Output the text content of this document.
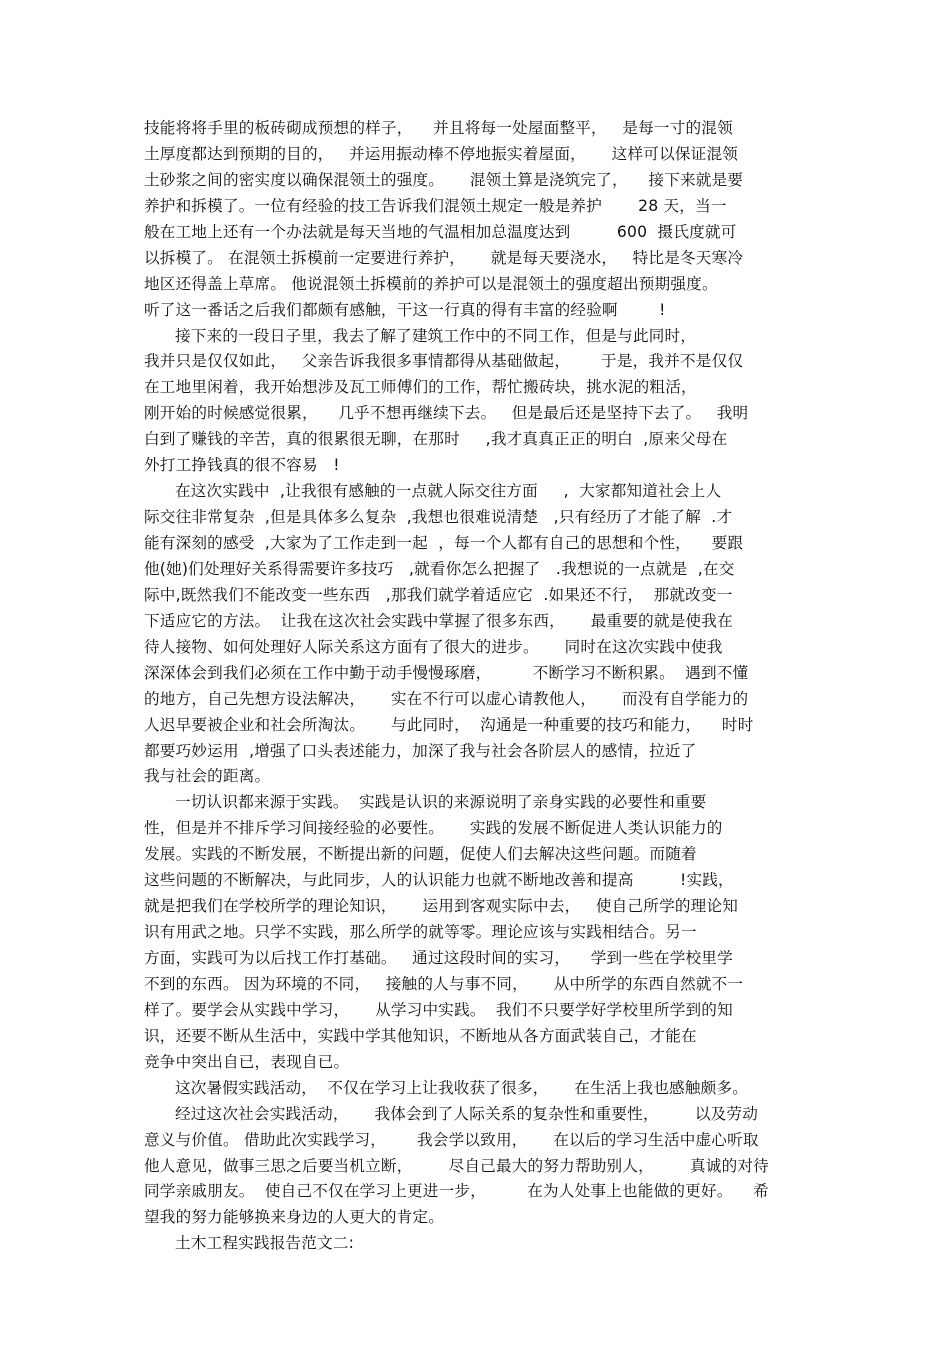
技能将将手里的板砖砌成预想的样子，    并且将每一处屋面整平，   是每一寸的混领
土厚度都达到预期的目的，   并运用振动棒不停地振实着屋面，     这样可以保证混领
土砂浆之间的密实度以确保混领土的强度。     混领土算是浇筑完了，    接下来就是要
养护和拆模了。一位有经验的技工告诉我们混领土规定一般是养护       28 天，当一
般在工地上还有一个办法就是每天当地的气温相加总温度达到         600  摄氏度就可
以拆模了。 在混领土拆模前一定要进行养护，     就是每天要浇水，   特比是冬天寒冷
地区还得盖上草席。 他说混领土拆模前的养护可以是混领土的强度超出预期强度。
听了这一番话之后我们都颇有感触，干这一行真的得有丰富的经验啊        !
接下来的一段日子里，我去了解了建筑工作中的不同工作，但是与此同时，
我并只是仅仅如此，   父亲告诉我很多事情都得从基础做起，      于是，我并不是仅仅
在工地里闲着，我开始想涉及瓦工师傅们的工作，帮忙搬砖块，挑水泥的粗活，
刚开始的时候感觉很累，    几乎不想再继续下去。   但是最后还是坚持下去了。   我明
白到了赚钱的辛苦，真的很累很无聊，在那时     ,我才真真正正的明白  ,原来父母在
外打工挣钱真的很不容易   !
在这次实践中  ,让我很有感触的一点就人际交往方面     ,  大家都知道社会上人
际交往非常复杂  ,但是具体多么复杂  ,我想也很难说清楚   ,只有经历了才能了解  .才
能有深刻的感受  ,大家为了工作走到一起  ，每一个人都有自己的思想和个性，    要跟
他(她)们处理好关系得需要许多技巧   ,就看你怎么把握了   .我想说的一点就是  ,在交
际中,既然我们不能改变一些东西   ,那我们就学着适应它  .如果还不行，  那就改变一
下适应它的方法。  让我在这次社会实践中掌握了很多东西，     最重要的就是使我在
待人接物、如何处理好人际关系这方面有了很大的进步。     同时在这次实践中使我
深深体会到我们必须在工作中勤于动手慢慢琢磨，        不断学习不断积累。  遇到不懂
的地方，自己先想方设法解决，     实在不行可以虚心请教他人，     而没有自学能力的
人迟早要被企业和社会所淘汰。     与此同时，  沟通是一种重要的技巧和能力，    时时
都要巧妙运用  ,增强了口头表述能力，加深了我与社会各阶层人的感情，拉近了
我与社会的距离。
一切认识都来源于实践。  实践是认识的来源说明了亲身实践的必要性和重要
性，但是并不排斥学习间接经验的必要性。     实践的发展不断促进人类认识能力的
发展。实践的不断发展，不断提出新的问题，促使人们去解决这些问题。而随着
这些问题的不断解决，与此同步，人的认识能力也就不断地改善和提高         !实践，
就是把我们在学校所学的理论知识，     运用到客观实际中去，   使自己所学的理论知
识有用武之地。只学不实践，那么所学的就等零。理论应该与实践相结合。另一
方面，实践可为以后找工作打基础。   通过这段时间的实习，    学到一些在学校里学
不到的东西。 因为环境的不同，   接触的人与事不同，     从中所学的东西自然就不一
样了。要学会从实践中学习，     从学习中实践。  我们不只要学好学校里所学到的知
识，还要不断从生活中，实践中学其他知识，不断地从各方面武装自己，才能在
竞争中突出自已，表现自已。
这次暑假实践活动，  不仅在学习上让我收获了很多，     在生活上我也感触颇多。
经过这次社会实践活动，     我体会到了人际关系的复杂性和重要性，       以及劳动
意义与价值。 借助此次实践学习，      我会学以致用，     在以后的学习生活中虚心听取
他人意见，做事三思之后要当机立断，       尽自己最大的努力帮助别人，       真诚的对待
同学亲戚朋友。  使自己不仅在学习上更进一步，        在为人处事上也能做的更好。    希
望我的努力能够换来身边的人更大的肯定。
土木工程实践报告范文二:
